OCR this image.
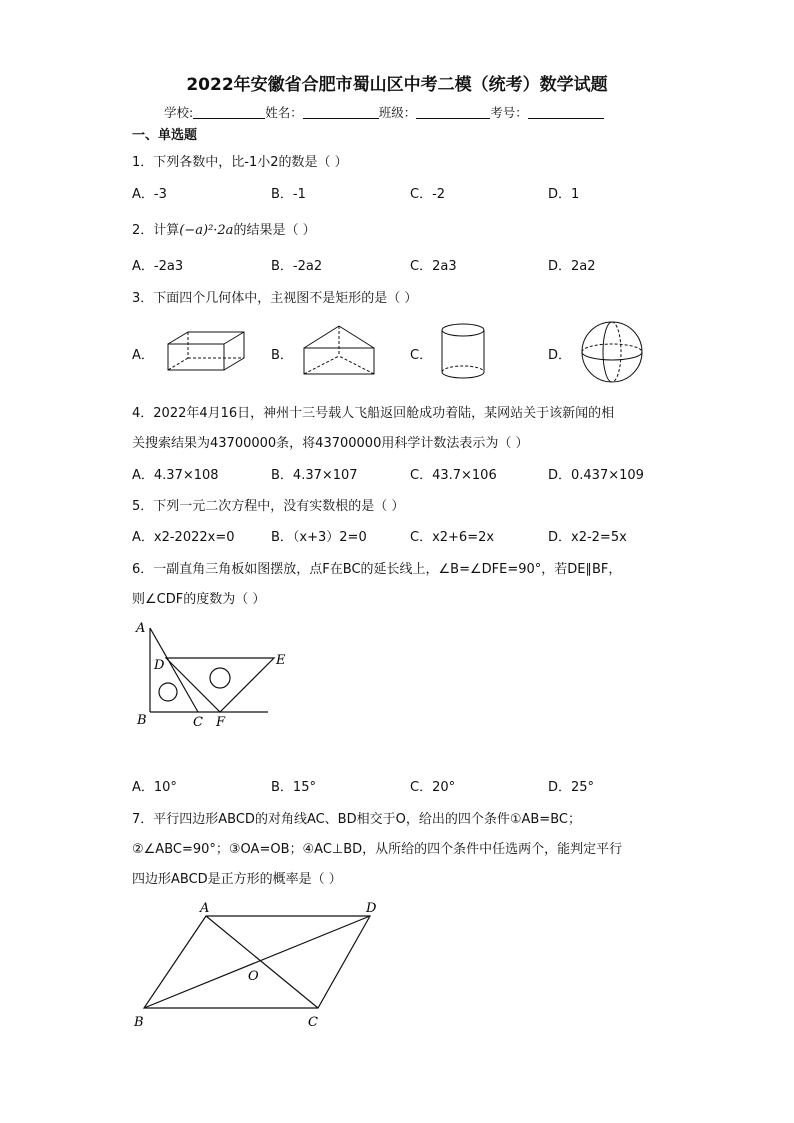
2022年安徽省合肥市蜀山区中考二模（统考）数学试题
学校:	姓名：	班级：	考号：
一、单选题
1．下列各数中，比-1小2的数是（ ）
A．-3	B．-1	C．-2	D．1
2．计算(−a)²·2a的结果是（ ）
A．-2a3	B．-2a2	C．2a3	D．2a2
3．下面四个几何体中，主视图不是矩形的是（ ）
A．	B．	C．	D．
4．2022年4月16日，神州十三号载人飞船返回舱成功着陆，某网站关于该新闻的相
关搜索结果为43700000条，将43700000用科学计数法表示为（ ）
A．4.37×108	B．4.37×107	C．43.7×106	D．0.437×109
5．下列一元二次方程中，没有实数根的是（ ）
A．x2-2022x=0	B．（x+3）2=0	C．x2+6=2x	D．x2-2=5x
6．一副直角三角板如图摆放，点F在BC的延长线上，∠B=∠DFE=90°，若DE∥BF，
则∠CDF的度数为（ ）
A
B	C
D	E
F
A．10°	B．15°	C．20°	D．25°
7．平行四边形ABCD的对角线AC、BD相交于O，给出的四个条件①AB=BC；
②∠ABC=90°；③OA=OB；④AC⊥BD，从所给的四个条件中任选两个，能判定平行
四边形ABCD是正方形的概率是（ ）
A	D
B	C
O
